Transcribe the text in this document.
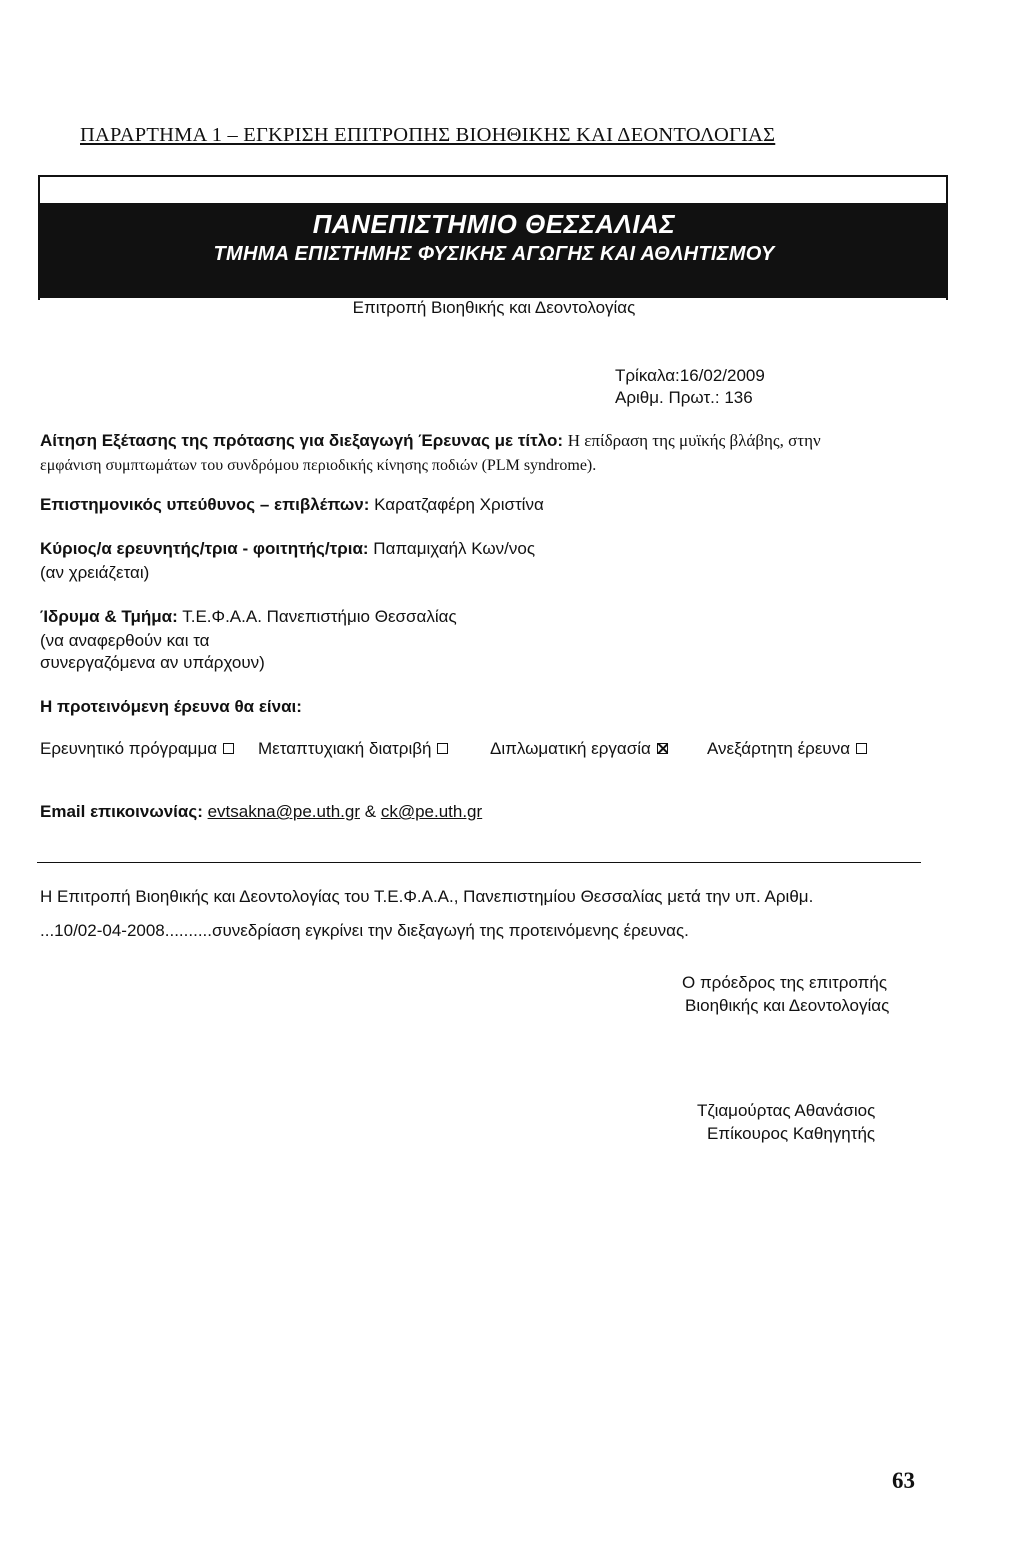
ΠΑΡΑΡΤΗΜΑ 1 – ΕΓΚΡΙΣΗ ΕΠΙΤΡΟΠΗΣ ΒΙΟΗΘΙΚΗΣ ΚΑΙ ΔΕΟΝΤΟΛΟΓΙΑΣ
ΠΑΝΕΠΙΣΤΗΜΙΟ ΘΕΣΣΑΛΙΑΣ
ΤΜΗΜΑ ΕΠΙΣΤΗΜΗΣ ΦΥΣΙΚΗΣ ΑΓΩΓΗΣ ΚΑΙ ΑΘΛΗΤΙΣΜΟΥ
Επιτροπή Βιοηθικής και Δεοντολογίας
Τρίκαλα:16/02/2009
Αριθμ. Πρωτ.: 136
Αίτηση Εξέτασης της πρότασης για διεξαγωγή Έρευνας με τίτλο: Η επίδραση της μυϊκής βλάβης, στην
εμφάνιση συμπτωμάτων του συνδρόμου περιοδικής κίνησης ποδιών (PLM syndrome).
Επιστημονικός υπεύθυνος – επιβλέπων: Καρατζαφέρη Χριστίνα
Κύριος/α ερευνητής/τρια - φοιτητής/τρια: Παπαμιχαήλ Κων/νος
(αν χρειάζεται)
Ίδρυμα & Τμήμα: Τ.Ε.Φ.Α.Α. Πανεπιστήμιο Θεσσαλίας
(να αναφερθούν και τα
συνεργαζόμενα αν υπάρχουν)
Η προτεινόμενη έρευνα θα είναι:
Ερευνητικό πρόγραμμα	Μεταπτυχιακή διατριβή	Διπλωματική εργασία	Ανεξάρτητη έρευνα
Email επικοινωνίας: evtsakna@pe.uth.gr & ck@pe.uth.gr
Η Επιτροπή Βιοηθικής και Δεοντολογίας του Τ.Ε.Φ.Α.Α., Πανεπιστημίου Θεσσαλίας μετά την υπ. Αριθμ.
...10/02-04-2008..........συνεδρίαση εγκρίνει την διεξαγωγή της προτεινόμενης έρευνας.
Ο πρόεδρος της επιτροπής
Βιοηθικής και Δεοντολογίας
Τζιαμούρτας Αθανάσιος
Επίκουρος Καθηγητής
63
